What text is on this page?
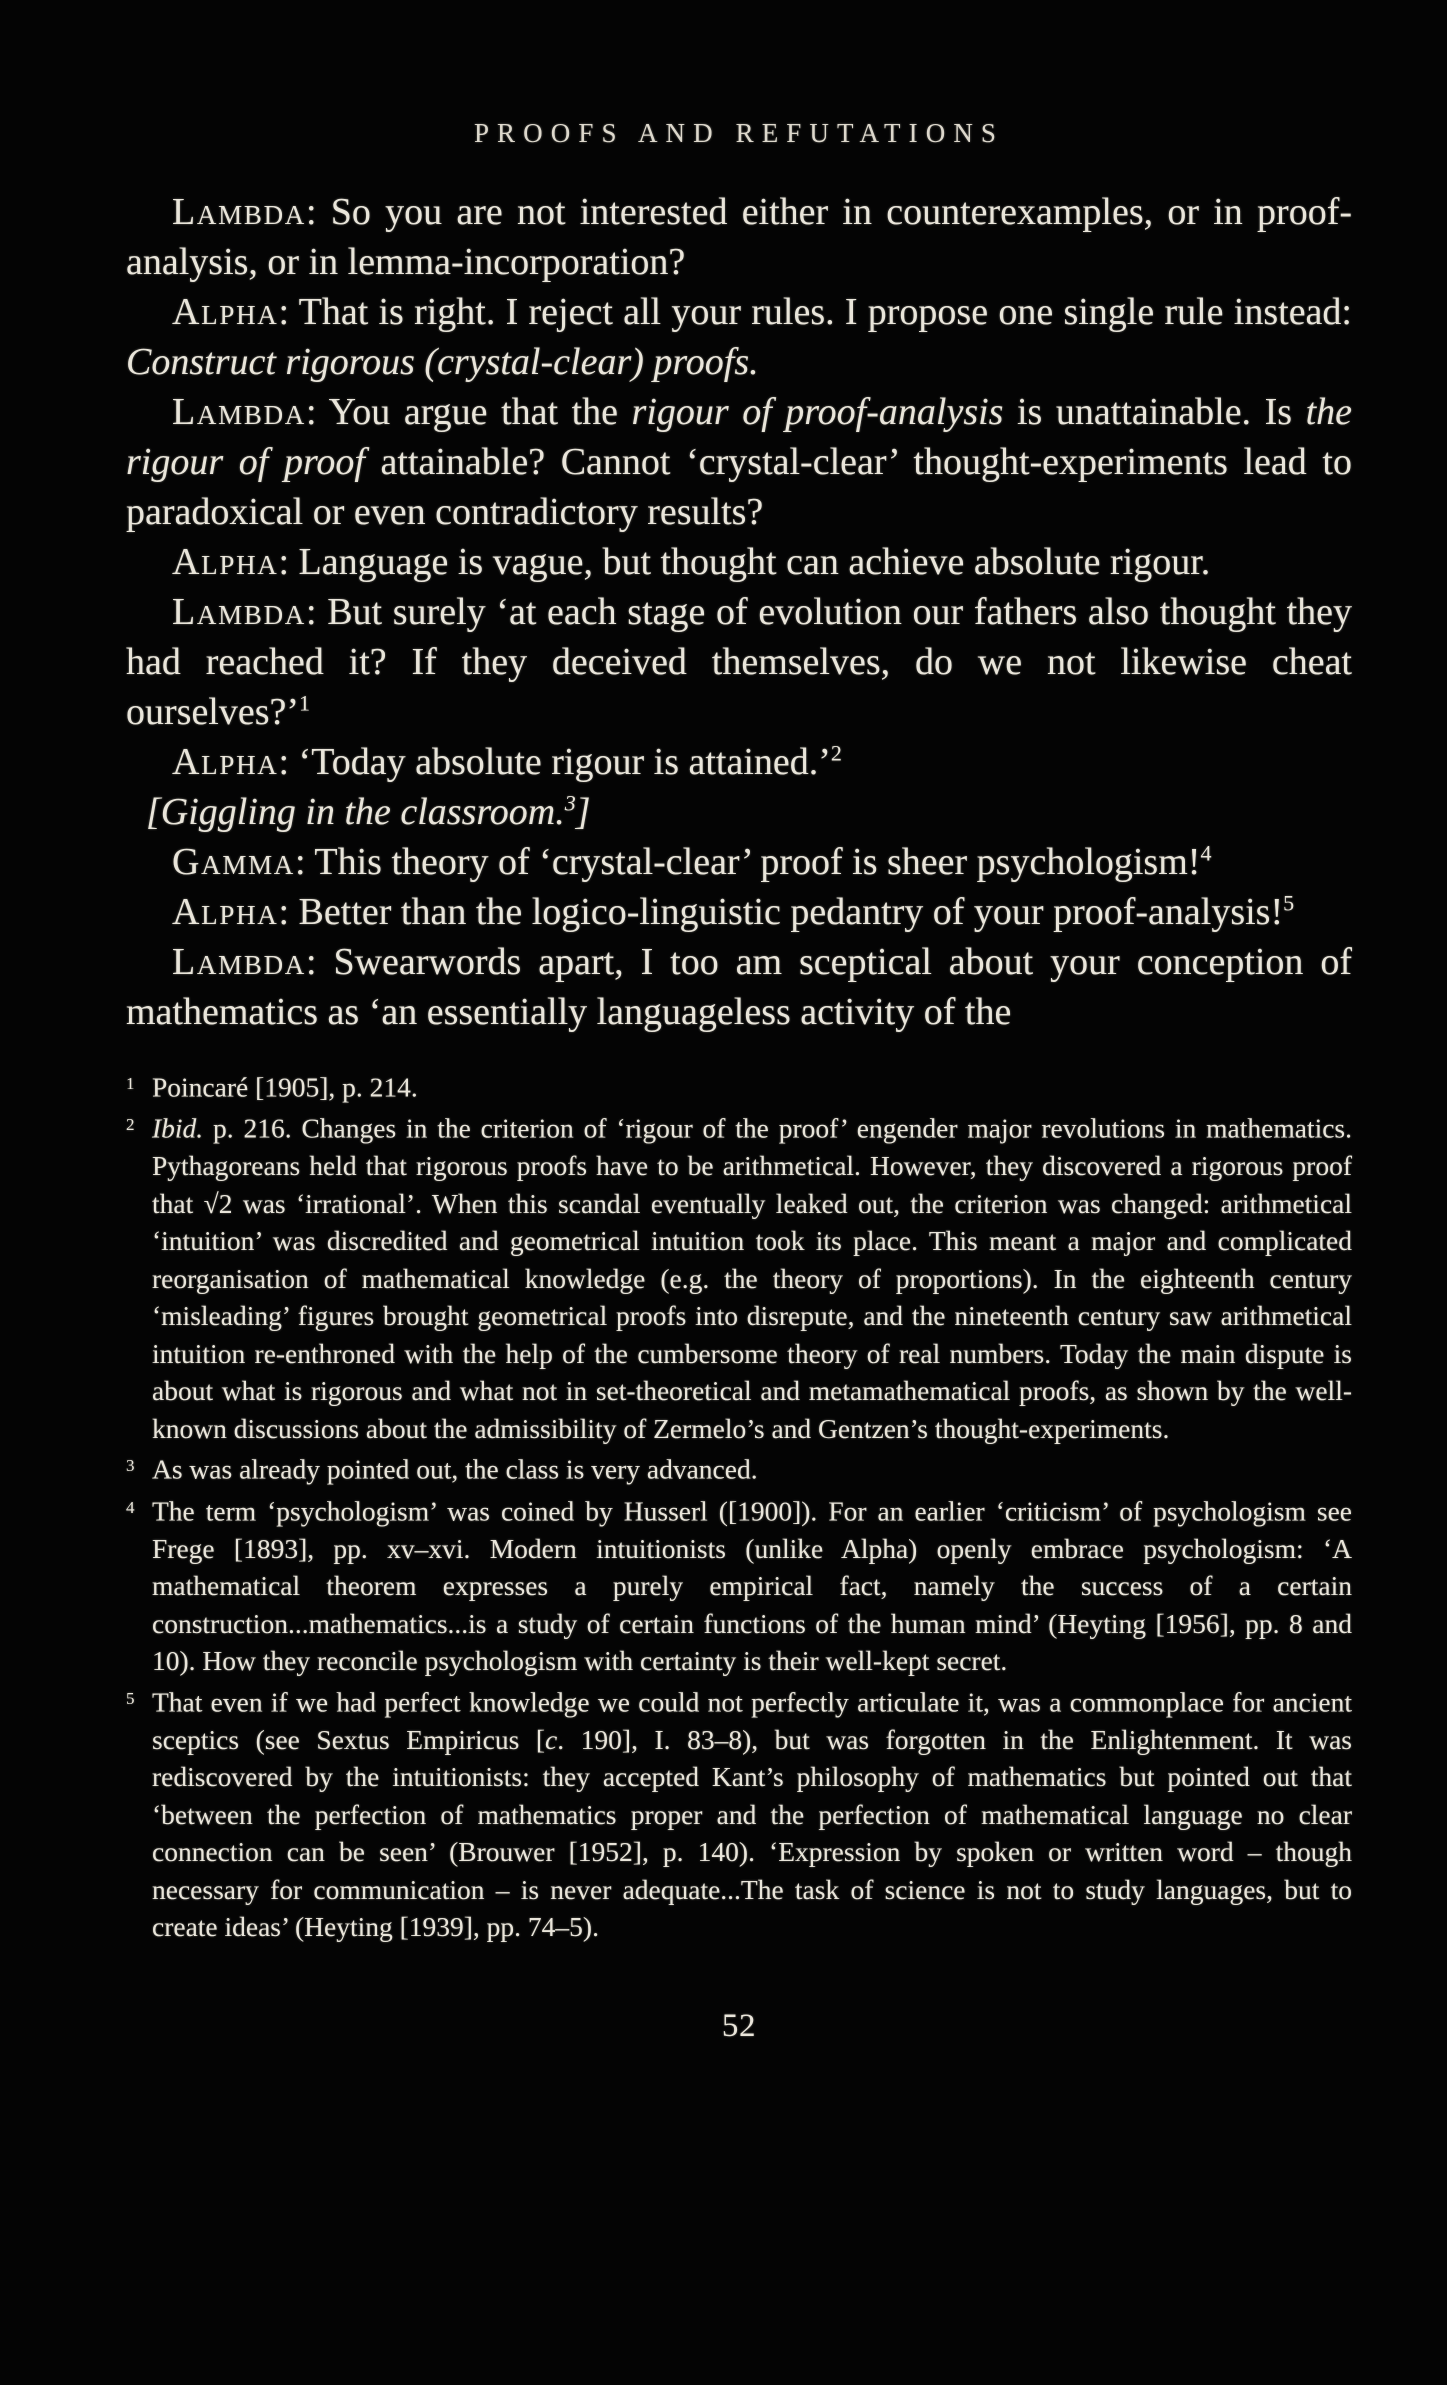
PROOFS AND REFUTATIONS

Lambda: So you are not interested either in counterexamples, or in proof-analysis, or in lemma-incorporation?

Alpha: That is right. I reject all your rules. I propose one single rule instead: Construct rigorous (crystal-clear) proofs.

Lambda: You argue that the rigour of proof-analysis is unattainable. Is the rigour of proof attainable? Cannot ‘crystal-clear’ thought-experiments lead to paradoxical or even contradictory results?

Alpha: Language is vague, but thought can achieve absolute rigour.

Lambda: But surely ‘at each stage of evolution our fathers also thought they had reached it? If they deceived themselves, do we not likewise cheat ourselves?’$^1$

Alpha: ‘Today absolute rigour is attained.’$^2$

[Giggling in the classroom.$^3$]

Gamma: This theory of ‘crystal-clear’ proof is sheer psychologism!$^4$

Alpha: Better than the logico-linguistic pedantry of your proof-analysis!$^5$

Lambda: Swearwords apart, I too am sceptical about your conception of mathematics as ‘an essentially languageless activity of the

1 Poincaré [1905], p. 214.

2 Ibid. p. 216. Changes in the criterion of ‘rigour of the proof’ engender major revolutions in mathematics. Pythagoreans held that rigorous proofs have to be arithmetical. However, they discovered a rigorous proof that √2 was ‘irrational’. When this scandal eventually leaked out, the criterion was changed: arithmetical ‘intuition’ was discredited and geometrical intuition took its place. This meant a major and complicated reorganisation of mathematical knowledge (e.g. the theory of proportions). In the eighteenth century ‘misleading’ figures brought geometrical proofs into disrepute, and the nineteenth century saw arithmetical intuition re-enthroned with the help of the cumbersome theory of real numbers. Today the main dispute is about what is rigorous and what not in set-theoretical and metamathematical proofs, as shown by the well-known discussions about the admissibility of Zermelo’s and Gentzen’s thought-experiments.

3 As was already pointed out, the class is very advanced.

4 The term ‘psychologism’ was coined by Husserl ([1900]). For an earlier ‘criticism’ of psychologism see Frege [1893], pp. xv–xvi. Modern intuitionists (unlike Alpha) openly embrace psychologism: ‘A mathematical theorem expresses a purely empirical fact, namely the success of a certain construction...mathematics...is a study of certain functions of the human mind’ (Heyting [1956], pp. 8 and 10). How they reconcile psychologism with certainty is their well-kept secret.

5 That even if we had perfect knowledge we could not perfectly articulate it, was a commonplace for ancient sceptics (see Sextus Empiricus [c. 190], I. 83–8), but was forgotten in the Enlightenment. It was rediscovered by the intuitionists: they accepted Kant’s philosophy of mathematics but pointed out that ‘between the perfection of mathematics proper and the perfection of mathematical language no clear connection can be seen’ (Brouwer [1952], p. 140). ‘Expression by spoken or written word – though necessary for communication – is never adequate...The task of science is not to study languages, but to create ideas’ (Heyting [1939], pp. 74–5).

52
